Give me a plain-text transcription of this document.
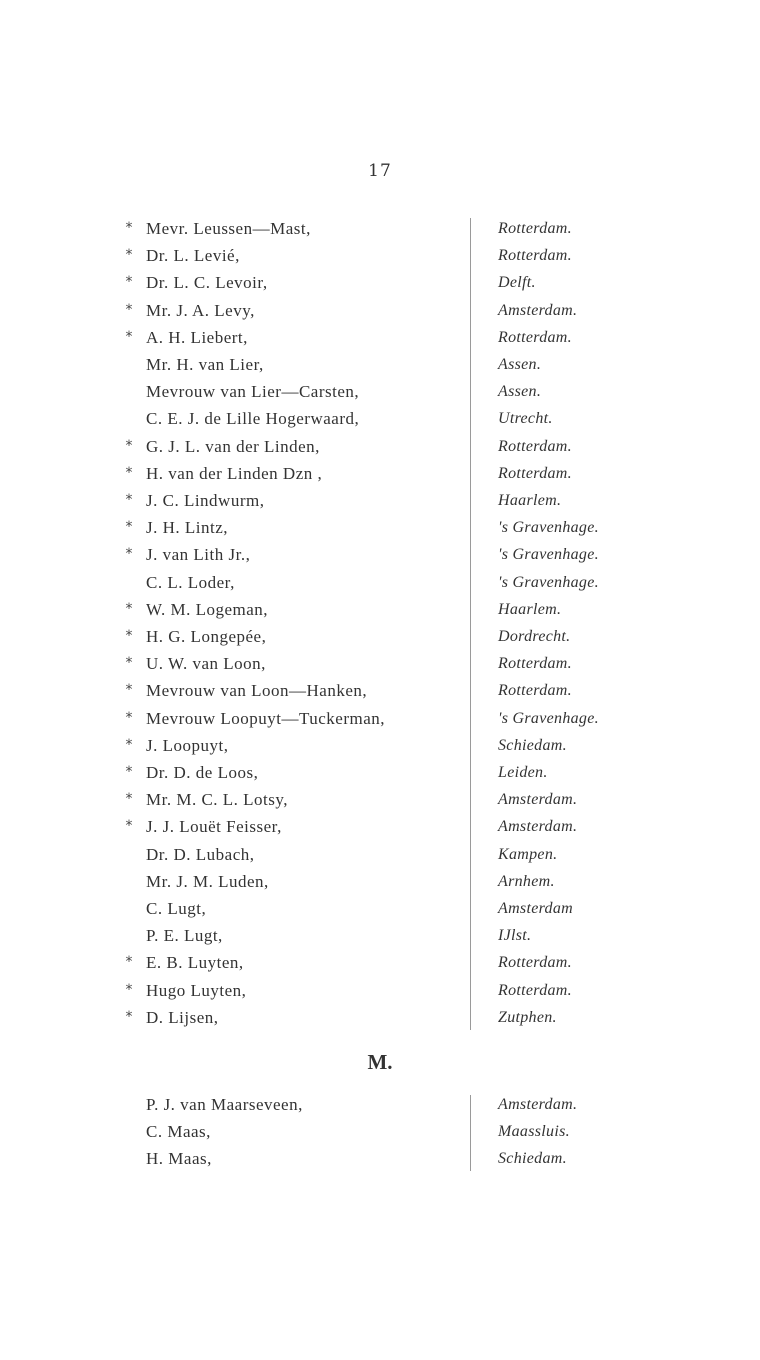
17
* Mevr. Leussen—Mast,	Rotterdam.
* Dr. L. Levié,	Rotterdam.
* Dr. L. C. Levoir,	Delft.
* Mr. J. A. Levy,	Amsterdam.
* A. H. Liebert,	Rotterdam.
Mr. H. van Lier,	Assen.
Mevrouw van Lier—Carsten,	Assen.
C. E. J. de Lille Hogerwaard,	Utrecht.
* G. J. L. van der Linden,	Rotterdam.
* H. van der Linden Dzn ,	Rotterdam.
* J. C. Lindwurm,	Haarlem.
* J. H. Lintz,	's Gravenhage.
* J. van Lith Jr.,	's Gravenhage.
C. L. Loder,	's Gravenhage.
* W. M. Logeman,	Haarlem.
* H. G. Longepée,	Dordrecht.
* U. W. van Loon,	Rotterdam.
* Mevrouw van Loon—Hanken,	Rotterdam.
* Mevrouw Loopuyt—Tuckerman,	's Gravenhage.
* J. Loopuyt,	Schiedam.
* Dr. D. de Loos,	Leiden.
* Mr. M. C. L. Lotsy,	Amsterdam.
* J. J. Louët Feisser,	Amsterdam.
Dr. D. Lubach,	Kampen.
Mr. J. M. Luden,	Arnhem.
C. Lugt,	Amsterdam
P. E. Lugt,	IJlst.
* E. B. Luyten,	Rotterdam.
* Hugo Luyten,	Rotterdam.
* D. Lijsen,	Zutphen.
M.
P. J. van Maarseveen,	Amsterdam.
C. Maas,	Maassluis.
H. Maas,	Schiedam.
